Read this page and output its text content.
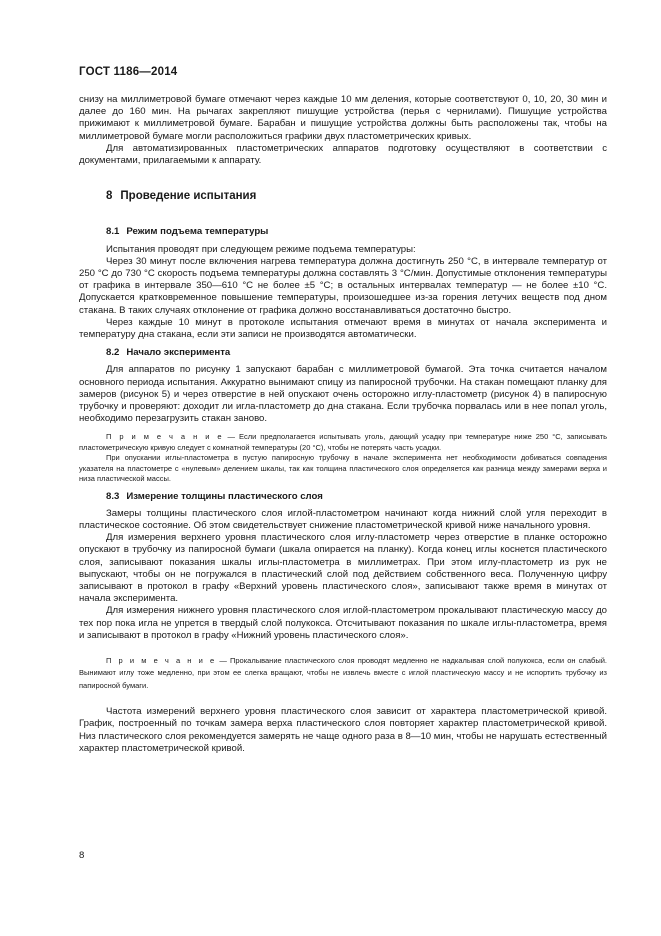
ГОСТ 1186—2014

снизу на миллиметровой бумаге отмечают через каждые 10 мм деления, которые соответствуют 0, 10, 20, 30 мин и далее до 160 мин. На рычагах закрепляют пишущие устройства (перья с чернилами). Пишущие устройства прижимают к миллиметровой бумаге. Барабан и пишущие устройства должны быть расположены так, чтобы на миллиметровой бумаге могли расположиться графики двух пластометрических кривых.

Для автоматизированных пластометрических аппаратов подготовку осуществляют в соответствии с документами, прилагаемыми к аппарату.

8 Проведение испытания
8.1 Режим подъема температуры

Испытания проводят при следующем режиме подъема температуры:

Через 30 минут после включения нагрева температура должна достигнуть 250 °С, в интервале температур от 250 °С до 730 °С скорость подъема температуры должна составлять 3 °С/мин. Допустимые отклонения температуры от графика в интервале 350—610 °С не более ±5 °С; в остальных интервалах температур — не более ±10 °С. Допускается кратковременное повышение температуры, произошедшее из-за горения летучих веществ под дном стакана. В таких случаях отклонение от графика должно восстанавливаться достаточно быстро.

Через каждые 10 минут в протоколе испытания отмечают время в минутах от начала эксперимента и температуру дна стакана, если эти записи не производятся автоматически.

8.2 Начало эксперимента

Для аппаратов по рисунку 1 запускают барабан с миллиметровой бумагой. Эта точка считается началом основного периода испытания. Аккуратно вынимают спицу из папиросной трубочки. На стакан помещают планку для замеров (рисунок 5) и через отверстие в ней опускают очень осторожно иглу-пластометр (рисунок 4) в папиросную трубочку и проверяют: доходит ли игла-пластометр до дна стакана. Если трубочка порвалась или в нее попал уголь, необходимо перезагрузить стакан заново.

П р и м е ч а н и е — Если предполагается испытывать уголь, дающий усадку при температуре ниже 250 °С, записывать пластометрическую кривую следует с комнатной температуры (20 °С), чтобы не потерять часть усадки.

При опускании иглы-пластометра в пустую папиросную трубочку в начале эксперимента нет необходимости добиваться совпадения указателя на пластометре с «нулевым» делением шкалы, так как толщина пластического слоя определяется как разница между замерами верха и низа пластической массы.

8.3 Измерение толщины пластического слоя

Замеры толщины пластического слоя иглой-пластометром начинают когда нижний слой угля переходит в пластическое состояние. Об этом свидетельствует снижение пластометрической кривой ниже начального уровня.

Для измерения верхнего уровня пластического слоя иглу-пластометр через отверстие в планке осторожно опускают в трубочку из папиросной бумаги (шкала опирается на планку). Когда конец иглы коснется пластического слоя, записывают показания шкалы иглы-пластометра в миллиметрах. При этом иглу-пластометр из рук не выпускают, чтобы он не погружался в пластический слой под действием собственного веса. Полученную цифру записывают в протокол в графу «Верхний уровень пластического слоя», записывают также время в минутах от начала эксперимента.

Для измерения нижнего уровня пластического слоя иглой-пластометром прокалывают пластическую массу до тех пор пока игла не упрется в твердый слой полукокса. Отсчитывают показания по шкале иглы-пластометра, время и записывают в протокол в графу «Нижний уровень пластического слоя».

П р и м е ч а н и е — Прокалывание пластического слоя проводят медленно не надкалывая слой полукокса, если он слабый. Вынимают иглу тоже медленно, при этом ее слегка вращают, чтобы не извлечь вместе с иглой пластическую массу и не испортить трубочку из папиросной бумаги.

Частота измерений верхнего уровня пластического слоя зависит от характера пластометрической кривой. График, построенный по точкам замера верха пластического слоя повторяет характер пластометрической кривой. Низ пластического слоя рекомендуется замерять не чаще одного раза в 8—10 мин, чтобы не нарушать естественный характер пластометрической кривой.

8
